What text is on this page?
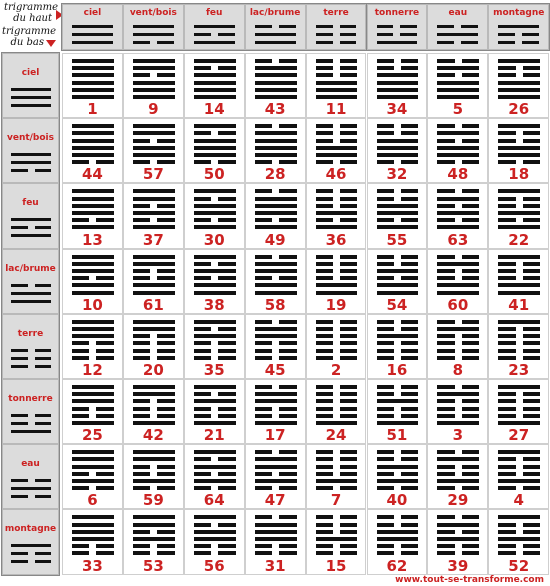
trigramme
du haut
trigramme
du bas
ciel	vent/bois	feu	lac/brume	terre	tonnerre	eau	montagne
ciel
1	9	14	43	11	34	5	26
vent/bois
44	57	50	28	46	32	48	18
feu
13	37	30	49	36	55	63	22
lac/brume
10	61	38	58	19	54	60	41
terre
12	20	35	45	2	16	8	23
tonnerre
25	42	21	17	24	51	3	27
eau
6	59	64	47	7	40	29	4
montagne
33	53	56	31	15	62	39	52
www.tout-se-transforme.com
